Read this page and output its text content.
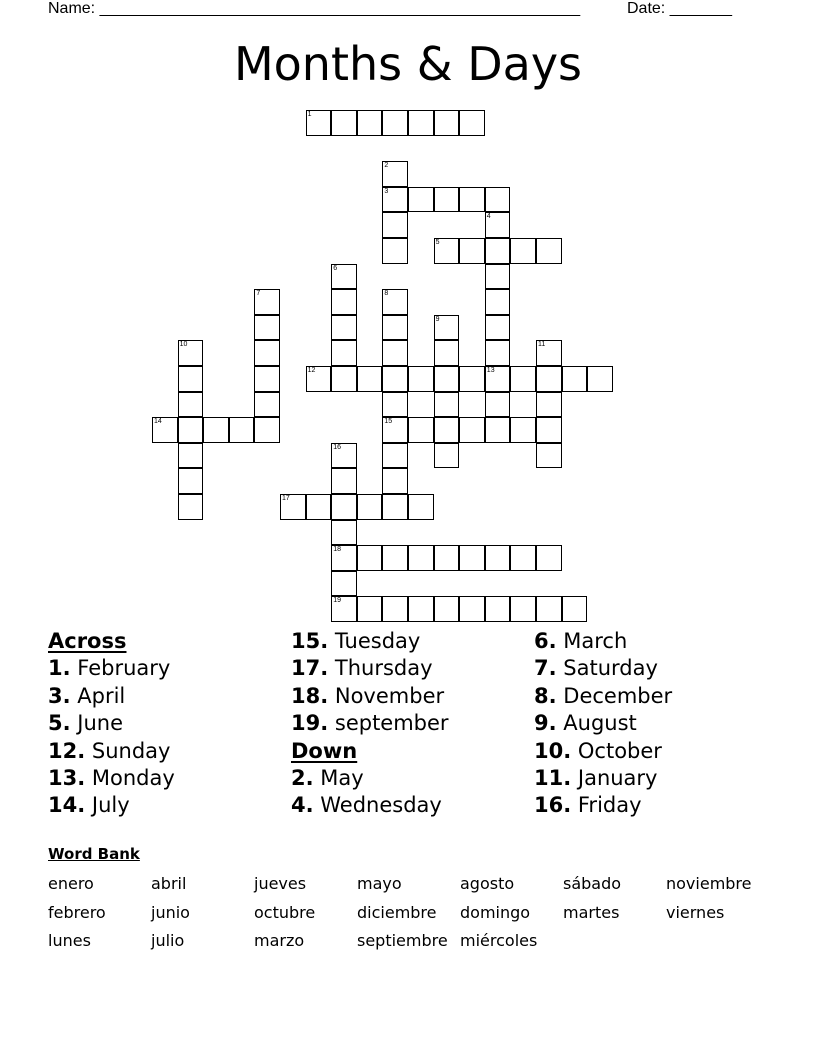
Name: ______________________________________________________	Date: _______
Months & Days
1
2
3
4
5
6
7	8
9
10	11
12	13
14	15
16
17
18
19
Across
1. February
3. April
5. June
12. Sunday
13. Monday
14. July
15. Tuesday
17. Thursday
18. November
19. september
Down
2. May
4. Wednesday
6. March
7. Saturday
8. December
9. August
10. October
11. January
16. Friday
Word Bank
enero	abril	jueves	mayo	agosto	sábado	noviembre
febrero	junio	octubre	diciembre domingo martes	viernes
lunes	julio	marzo	septiembre miércoles
